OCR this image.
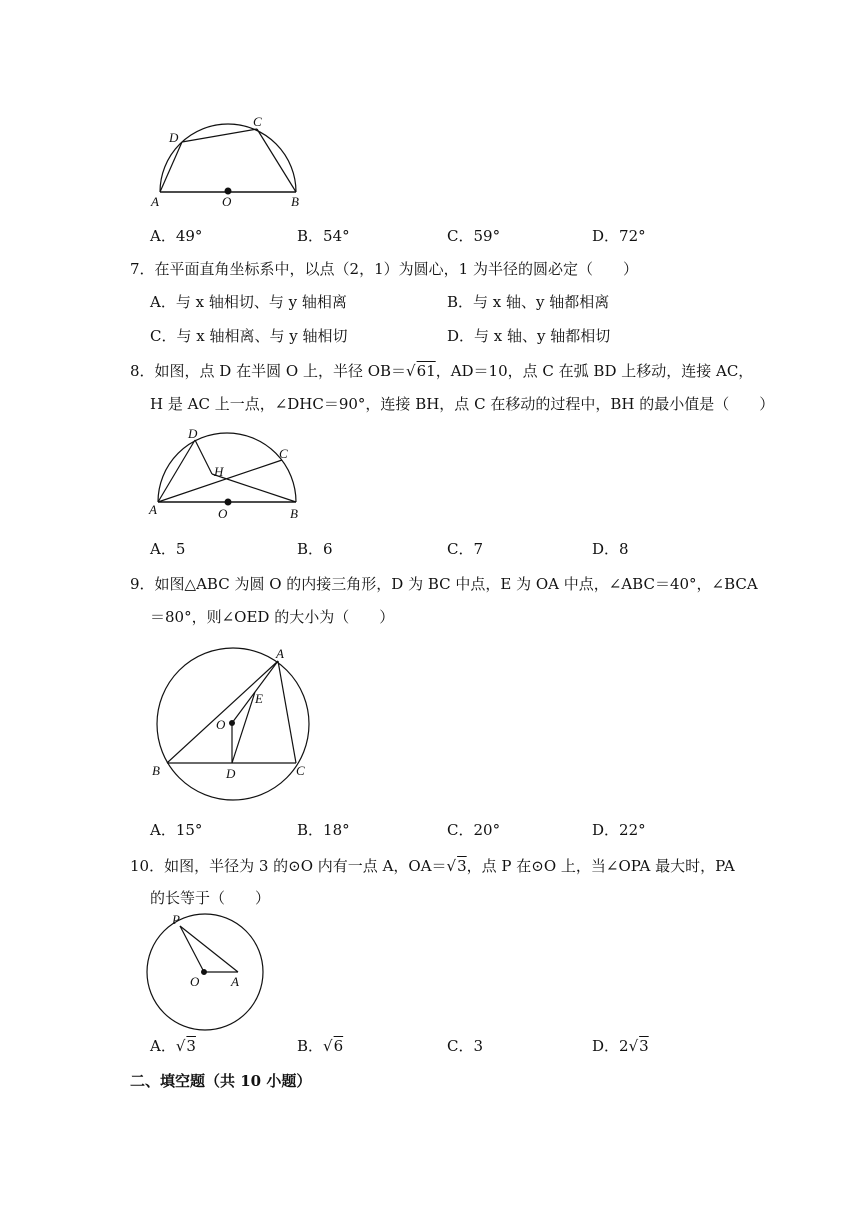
A	O	B
D
C
A．49°	B．54°	C．59°	D．72°
7．在平面直角坐标系中，以点（2，1）为圆心，1 为半径的圆必定（　　）
A．与 x 轴相切、与 y 轴相离	B．与 x 轴、y 轴都相离
C．与 x 轴相离、与 y 轴相切	D．与 x 轴、y 轴都相切
8．如图，点 D 在半圆 O 上，半径 OB＝√61，AD＝10，点 C 在弧 BD 上移动，连接 AC，
H 是 AC 上一点，∠DHC＝90°，连接 BH，点 C 在移动的过程中，BH 的最小值是（　　）
D
H
C
A	O	B
A．5	B．6	C．7	D．8
9．如图△ABC 为圆 O 的内接三角形，D 为 BC 中点，E 为 OA 中点，∠ABC＝40°，∠BCA
＝80°，则∠OED 的大小为（　　）
A
E
O
B	D	C
A．15°	B．18°	C．20°	D．22°
10．如图，半径为 3 的⊙O 内有一点 A，OA＝√3，点 P 在⊙O 上，当∠OPA 最大时，PA
的长等于（　　）
P
O A
A．√3	B．√6	C．3	D．2√3
二、填空题（共 10 小题）
